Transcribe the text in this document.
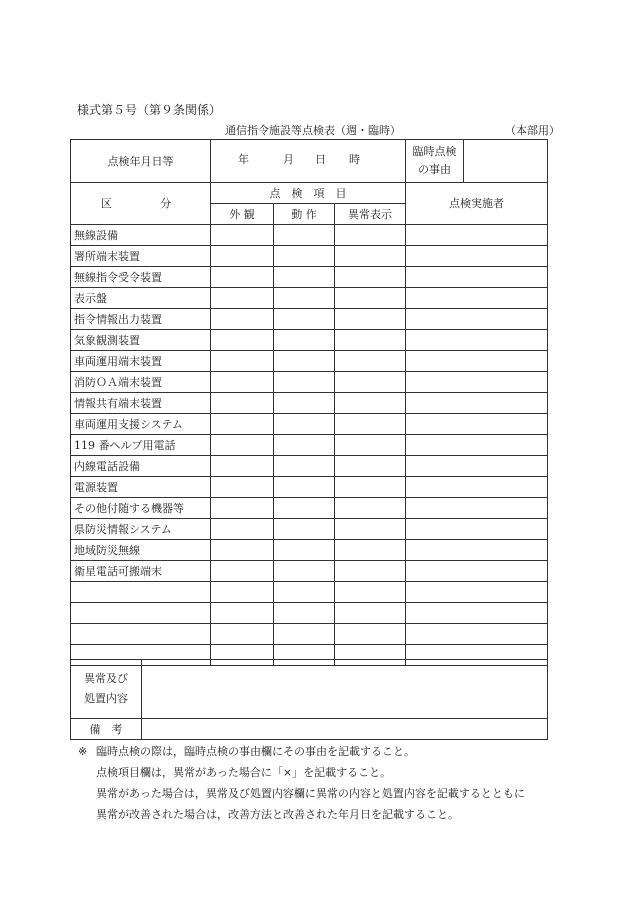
様式第５号（第９条関係）
通信指令施設等点検表（週・臨時）	（本部用）
点検年月日等	年 月 日 時			臨時点検
の事由

区　　分	点　検　項　目			点検実施者
	外 観	動 作	異常表示	
無線設備				
署所端末装置				
無線指令受令装置				
表示盤				
指令情報出力装置				
気象観測装置				
車両運用端末装置				
消防ＯＡ端末装置				
情報共有端末装置				
車両運用支援システム				
119 番ヘルプ用電話				
内線電話設備				
電源装置				
その他付随する機器等				
県防災情報システム				
地域防災無線				
衛星電話可搬端末				

異常及び
処置内容	
備　考	
※ 臨時点検の際は，臨時点検の事由欄にその事由を記載すること。
点検項目欄は，異常があった場合に「×」を記載すること。
異常があった場合は，異常及び処置内容欄に異常の内容と処置内容を記載するとともに
異常が改善された場合は，改善方法と改善された年月日を記載すること。
